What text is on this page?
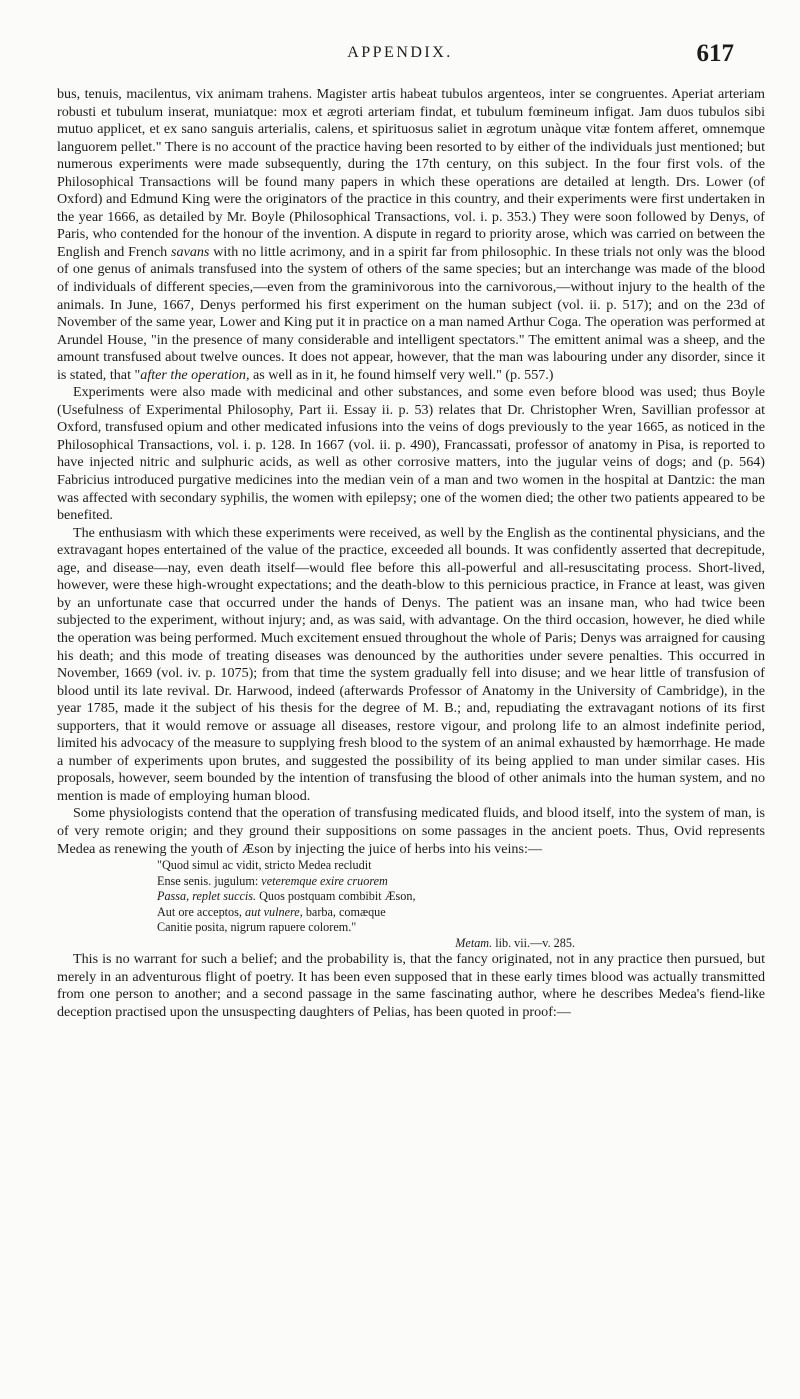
APPENDIX.	617

bus, tenuis, macilentus, vix animam trahens. Magister artis habeat tubulos argenteos, inter se congruentes. Aperiat arteriam robusti et tubulum inserat, muniatque: mox et ægroti arteriam findat, et tubulum fœmineum infigat. Jam duos tubulos sibi mutuo applicet, et ex sano sanguis arterialis, calens, et spirituosus saliet in ægrotum unàque vitæ fontem afferet, omnemque languorem pellet." There is no account of the practice having been resorted to by either of the individuals just mentioned; but numerous experiments were made subsequently, during the 17th century, on this subject. In the four first vols. of the Philosophical Transactions will be found many papers in which these operations are detailed at length. Drs. Lower (of Oxford) and Edmund King were the originators of the practice in this country, and their experiments were first undertaken in the year 1666, as detailed by Mr. Boyle (Philosophical Transactions, vol. i. p. 353.) They were soon followed by Denys, of Paris, who contended for the honour of the invention. A dispute in regard to priority arose, which was carried on between the English and French savans with no little acrimony, and in a spirit far from philosophic. In these trials not only was the blood of one genus of animals transfused into the system of others of the same species; but an interchange was made of the blood of individuals of different species,—even from the graminivorous into the carnivorous,—without injury to the health of the animals. In June, 1667, Denys performed his first experiment on the human subject (vol. ii. p. 517); and on the 23d of November of the same year, Lower and King put it in practice on a man named Arthur Coga. The operation was performed at Arundel House, "in the presence of many considerable and intelligent spectators." The emittent animal was a sheep, and the amount transfused about twelve ounces. It does not appear, however, that the man was labouring under any disorder, since it is stated, that "after the operation, as well as in it, he found himself very well." (p. 557.)

Experiments were also made with medicinal and other substances, and some even before blood was used; thus Boyle (Usefulness of Experimental Philosophy, Part ii. Essay ii. p. 53) relates that Dr. Christopher Wren, Savillian professor at Oxford, transfused opium and other medicated infusions into the veins of dogs previously to the year 1665, as noticed in the Philosophical Transactions, vol. i. p. 128. In 1667 (vol. ii. p. 490), Francassati, professor of anatomy in Pisa, is reported to have injected nitric and sulphuric acids, as well as other corrosive matters, into the jugular veins of dogs; and (p. 564) Fabricius introduced purgative medicines into the median vein of a man and two women in the hospital at Dantzic: the man was affected with secondary syphilis, the women with epilepsy; one of the women died; the other two patients appeared to be benefited.

The enthusiasm with which these experiments were received, as well by the English as the continental physicians, and the extravagant hopes entertained of the value of the practice, exceeded all bounds. It was confidently asserted that decrepitude, age, and disease—nay, even death itself—would flee before this all-powerful and all-resuscitating process. Short-lived, however, were these high-wrought expectations; and the death-blow to this pernicious practice, in France at least, was given by an unfortunate case that occurred under the hands of Denys. The patient was an insane man, who had twice been subjected to the experiment, without injury; and, as was said, with advantage. On the third occasion, however, he died while the operation was being performed. Much excitement ensued throughout the whole of Paris; Denys was arraigned for causing his death; and this mode of treating diseases was denounced by the authorities under severe penalties. This occurred in November, 1669 (vol. iv. p. 1075); from that time the system gradually fell into disuse; and we hear little of transfusion of blood until its late revival. Dr. Harwood, indeed (afterwards Professor of Anatomy in the University of Cambridge), in the year 1785, made it the subject of his thesis for the degree of M. B.; and, repudiating the extravagant notions of its first supporters, that it would remove or assuage all diseases, restore vigour, and prolong life to an almost indefinite period, limited his advocacy of the measure to supplying fresh blood to the system of an animal exhausted by hæmorrhage. He made a number of experiments upon brutes, and suggested the possibility of its being applied to man under similar cases. His proposals, however, seem bounded by the intention of transfusing the blood of other animals into the human system, and no mention is made of employing human blood.

Some physiologists contend that the operation of transfusing medicated fluids, and blood itself, into the system of man, is of very remote origin; and they ground their suppositions on some passages in the ancient poets. Thus, Ovid represents Medea as renewing the youth of Æson by injecting the juice of herbs into his veins:—

"Quod simul ac vidit, stricto Medea recludit
Ense senis. jugulum: veteremque exire cruorem
Passa, replet succis. Quos postquam combibit Æson,
Aut ore acceptos, aut vulnere, barba, comæque
Canitie posita, nigrum rapuere colorem."
Metam. lib. vii.—v. 285.

This is no warrant for such a belief; and the probability is, that the fancy originated, not in any practice then pursued, but merely in an adventurous flight of poetry. It has been even supposed that in these early times blood was actually transmitted from one person to another; and a second passage in the same fascinating author, where he describes Medea's fiend-like deception practised upon the unsuspecting daughters of Pelias, has been quoted in proof:—
